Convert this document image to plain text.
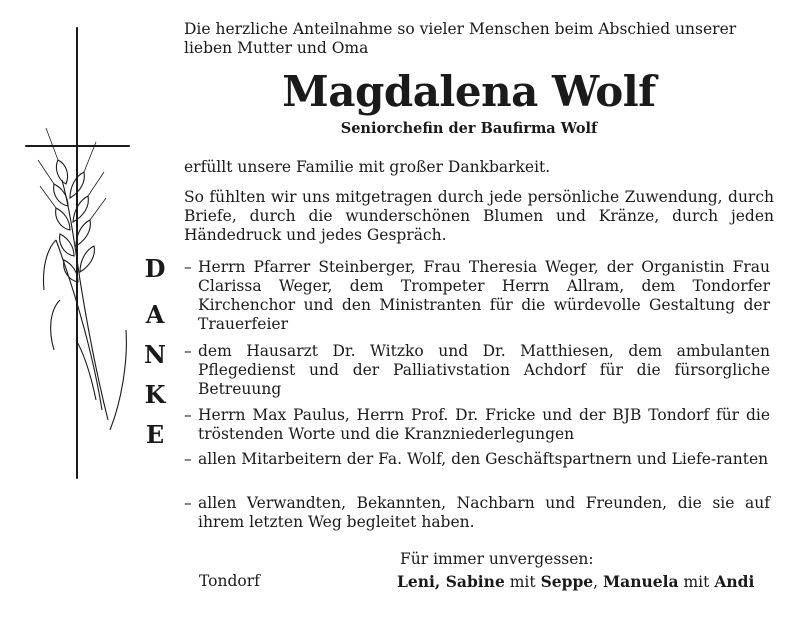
Die herzliche Anteilnahme so vieler Menschen beim Abschied unserer lieben Mutter und Oma
Magdalena Wolf
Seniorchefin der Baufirma Wolf
erfüllt unsere Familie mit großer Dankbarkeit.
So fühlten wir uns mitgetragen durch jede persönliche Zuwendung, durch Briefe, durch die wunderschönen Blumen und Kränze, durch jeden Händedruck und jedes Gespräch.
D
A
N
K
E
– Herrn Pfarrer Steinberger, Frau Theresia Weger, der Organistin Frau Clarissa Weger, dem Trompeter Herrn Allram, dem Tondorfer Kirchenchor und den Ministranten für die würdevolle Gestaltung der Trauerfeier
– dem Hausarzt Dr. Witzko und Dr. Matthiesen, dem ambulanten Pflegedienst und der Palliativstation Achdorf für die fürsorgliche Betreuung
– Herrn Max Paulus, Herrn Prof. Dr. Fricke und der BJB Tondorf für die tröstenden Worte und die Kranzniederlegungen
– allen Mitarbeitern der Fa. Wolf, den Geschäftspartnern und Liefe-ranten
– allen Verwandten, Bekannten, Nachbarn und Freunden, die sie auf ihrem letzten Weg begleitet haben.
Für immer unvergessen:
Tondorf	Leni, Sabine mit Seppe, Manuela mit Andi
